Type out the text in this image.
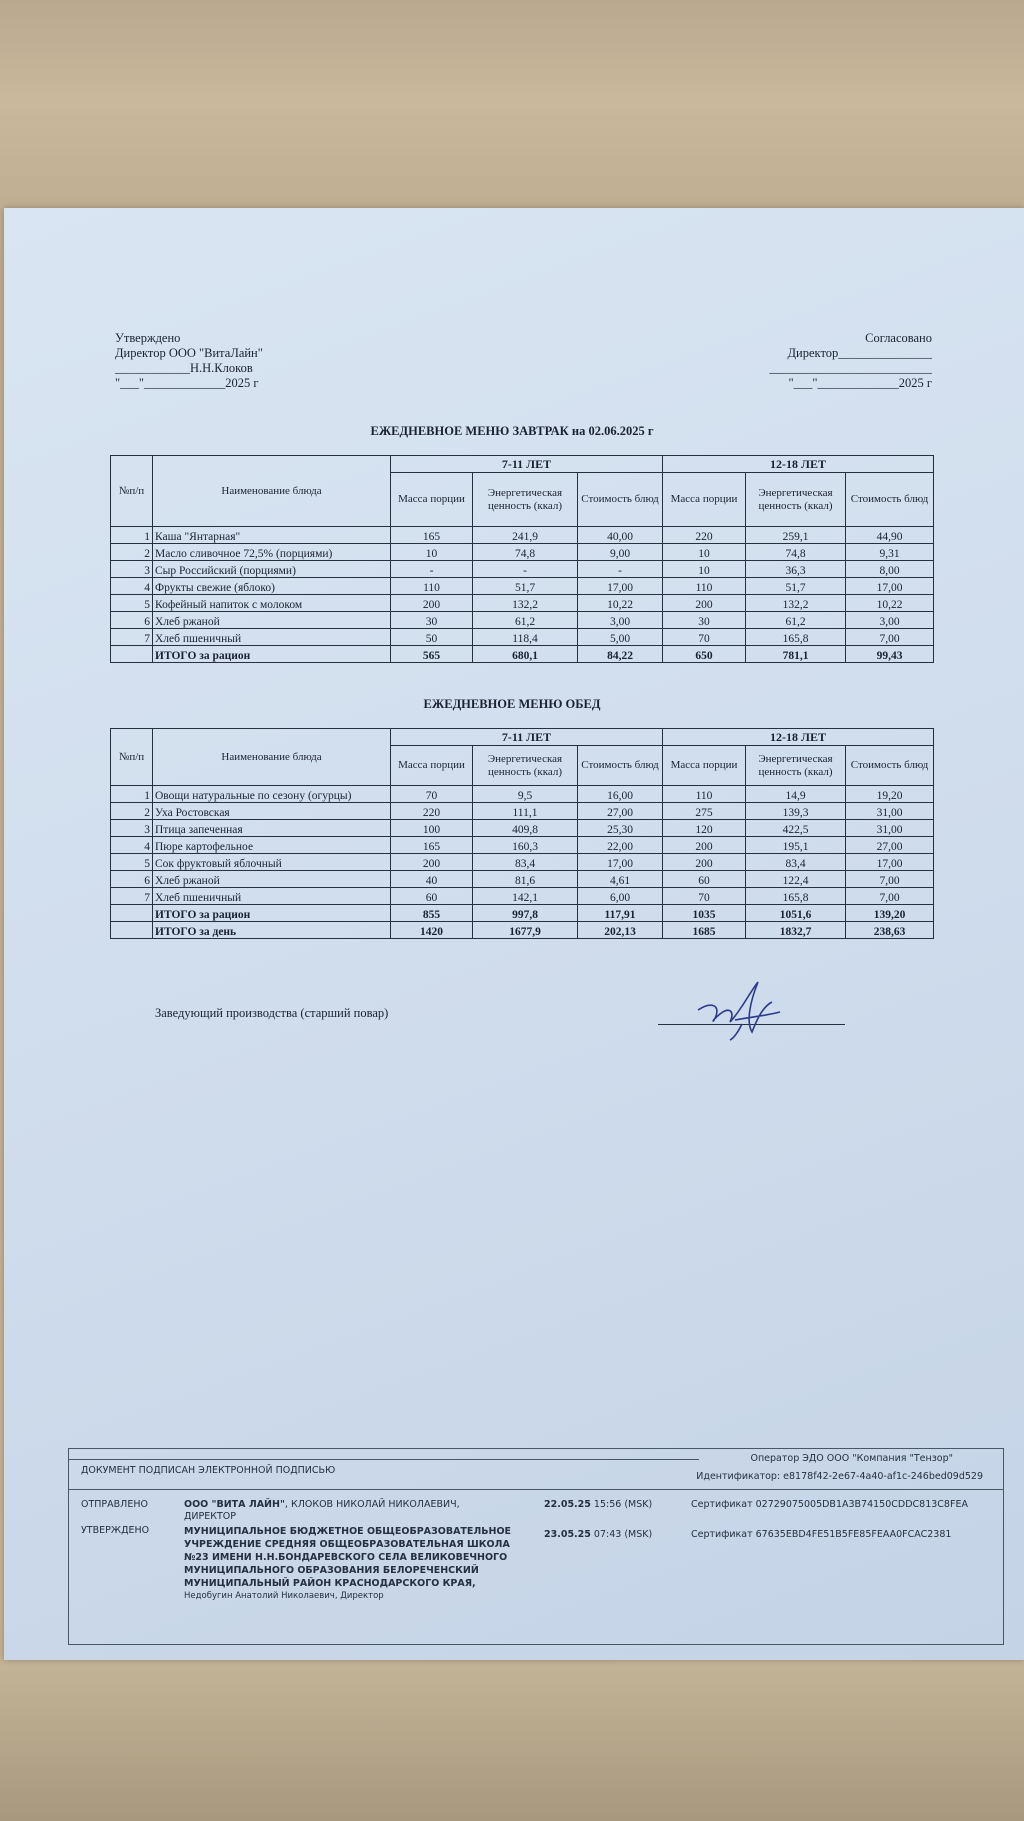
Утверждено
Директор ООО "ВитаЛайн"
____________Н.Н.Клоков
"___"_____________2025 г
Согласовано
Директор_______________
__________________________
"___"_____________2025 г
ЕЖЕДНЕВНОЕ МЕНЮ ЗАВТРАК на 02.06.2025 г
№п/п	Наименование блюда	7-11 ЛЕТ			12-18 ЛЕТ		
		Масса порции	Энергетическая ценность (ккал)	Стоимость блюд	Масса порции	Энергетическая ценность (ккал)	Стоимость блюд
1	Каша "Янтарная"	165	241,9	40,00	220	259,1	44,90
2	Масло сливочное 72,5% (порциями)	10	74,8	9,00	10	74,8	9,31
3	Сыр Российский (порциями)	-	-	-	10	36,3	8,00
4	Фрукты свежие (яблоко)	110	51,7	17,00	110	51,7	17,00
5	Кофейный напиток с молоком	200	132,2	10,22	200	132,2	10,22
6	Хлеб ржаной	30	61,2	3,00	30	61,2	3,00
7	Хлеб пшеничный	50	118,4	5,00	70	165,8	7,00
	ИТОГО за рацион	565	680,1	84,22	650	781,1	99,43
ЕЖЕДНЕВНОЕ МЕНЮ ОБЕД
№п/п	Наименование блюда	7-11 ЛЕТ			12-18 ЛЕТ		
		Масса порции	Энергетическая ценность (ккал)	Стоимость блюд	Масса порции	Энергетическая ценность (ккал)	Стоимость блюд
1	Овощи натуральные по сезону (огурцы)	70	9,5	16,00	110	14,9	19,20
2	Уха Ростовская	220	111,1	27,00	275	139,3	31,00
3	Птица запеченная	100	409,8	25,30	120	422,5	31,00
4	Пюре картофельное	165	160,3	22,00	200	195,1	27,00
5	Сок фруктовый яблочный	200	83,4	17,00	200	83,4	17,00
6	Хлеб ржаной	40	81,6	4,61	60	122,4	7,00
7	Хлеб пшеничный	60	142,1	6,00	70	165,8	7,00
	ИТОГО за рацион	855	997,8	117,91	1035	1051,6	139,20
	ИТОГО за день	1420	1677,9	202,13	1685	1832,7	238,63
Заведующий производства (старший повар)
ДОКУМЕНТ ПОДПИСАН ЭЛЕКТРОННОЙ ПОДПИСЬЮ
Оператор ЭДО ООО "Компания "Тензор"
Идентификатор: e8178f42-2e67-4a40-af1c-246bed09d529
ОТПРАВЛЕНО	ООО "ВИТА ЛАЙН", КЛОКОВ НИКОЛАЙ НИКОЛАЕВИЧ, ДИРЕКТОР
22.05.25 15:56 (MSK)	Сертификат 02729075005DB1A3B74150CDDC813C8FEA
УТВЕРЖДЕНО	МУНИЦИПАЛЬНОЕ БЮДЖЕТНОЕ ОБЩЕОБРАЗОВАТЕЛЬНОЕ УЧРЕЖДЕНИЕ СРЕДНЯЯ ОБЩЕОБРАЗОВАТЕЛЬНАЯ ШКОЛА №23 ИМЕНИ Н.Н.БОНДАРЕВСКОГО СЕЛА ВЕЛИКОВЕЧНОГО МУНИЦИПАЛЬНОГО ОБРАЗОВАНИЯ БЕЛОРЕЧЕНСКИЙ МУНИЦИПАЛЬНЫЙ РАЙОН КРАСНОДАРСКОГО КРАЯ,
Недобугин Анатолий Николаевич, Директор
23.05.25 07:43 (MSK)	Сертификат 67635EBD4FE51B5FE85FEAA0FCAC2381
